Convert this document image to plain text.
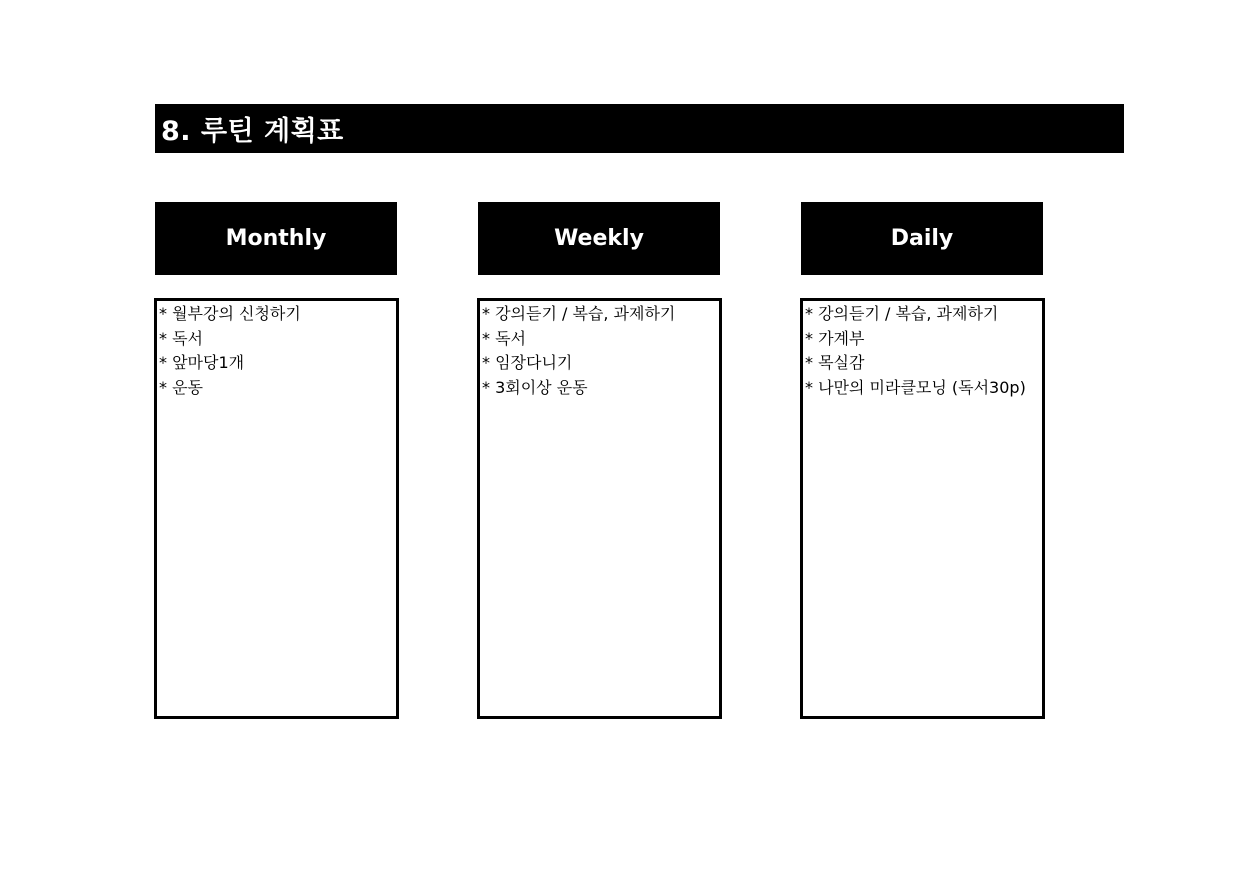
8. 루틴 계획표
Monthly
* 월부강의 신청하기
* 독서
* 앞마당1개
* 운동
Weekly
* 강의듣기 / 복습, 과제하기
* 독서
* 임장다니기
* 3회이상 운동
Daily
* 강의듣기 / 복습, 과제하기
* 가계부
* 목실감
* 나만의 미라클모닝 (독서30p)
